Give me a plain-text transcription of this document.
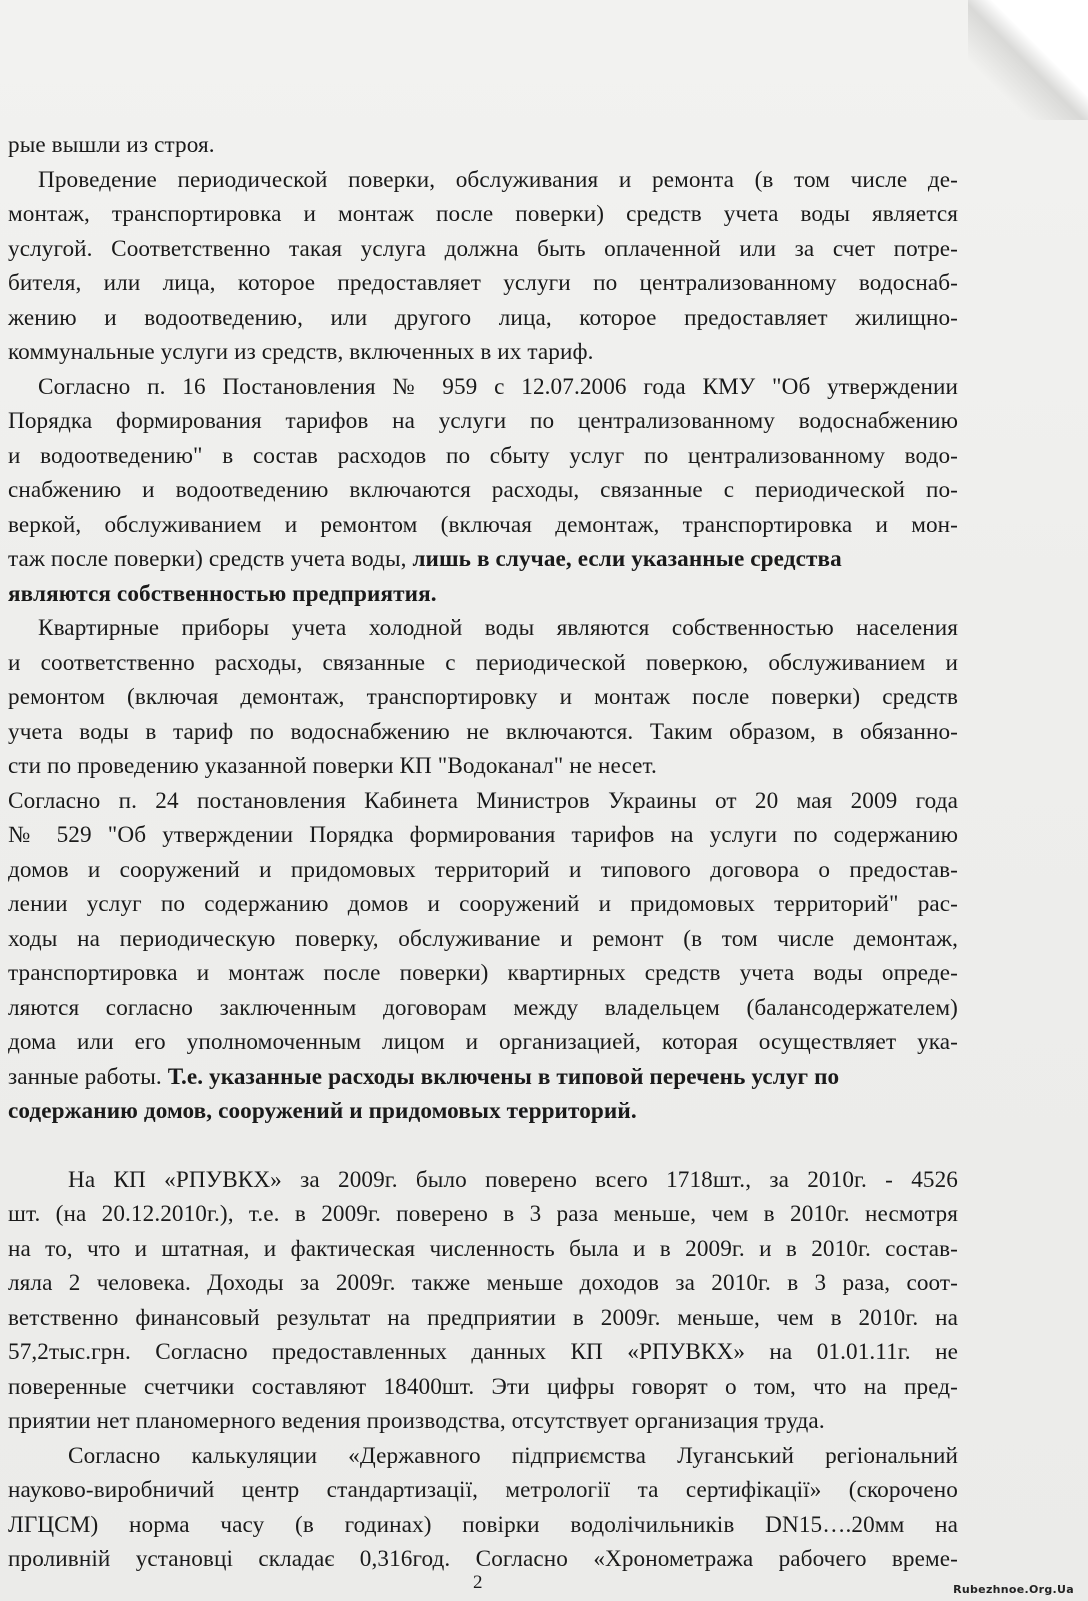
рые вышли из строя.
Проведение периодической поверки, обслуживания и ремонта (в том числе де-
монтаж, транспортировка и монтаж после поверки) средств учета воды является
услугой. Соответственно такая услуга должна быть оплаченной или за счет потре-
бителя, или лица, которое предоставляет услуги по централизованному водоснаб-
жению и водоотведению, или другого лица, которое предоставляет жилищно-
коммунальные услуги из средств, включенных в их тариф.
Согласно п. 16 Постановления № 959 с 12.07.2006 года КМУ "Об утверждении
Порядка формирования тарифов на услуги по централизованному водоснабжению
и водоотведению" в состав расходов по сбыту услуг по централизованному водо-
снабжению и водоотведению включаются расходы, связанные с периодической по-
веркой, обслуживанием и ремонтом (включая демонтаж, транспортировка и мон-
таж после поверки) средств учета воды, лишь в случае, если указанные средства
являются собственностью предприятия.
Квартирные приборы учета холодной воды являются собственностью населения
и соответственно расходы, связанные с периодической поверкою, обслуживанием и
ремонтом (включая демонтаж, транспортировку и монтаж после поверки) средств
учета воды в тариф по водоснабжению не включаются. Таким образом, в обязанно-
сти по проведению указанной поверки КП "Водоканал" не несет.
Согласно п. 24 постановления Кабинета Министров Украины от 20 мая 2009 года
№ 529 "Об утверждении Порядка формирования тарифов на услуги по содержанию
домов и сооружений и придомовых территорий и типового договора о предостав-
лении услуг по содержанию домов и сооружений и придомовых территорий" рас-
ходы на периодическую поверку, обслуживание и ремонт (в том числе демонтаж,
транспортировка и монтаж после поверки) квартирных средств учета воды опреде-
ляются согласно заключенным договорам между владельцем (балансодержателем)
дома или его уполномоченным лицом и организацией, которая осуществляет ука-
занные работы. Т.е. указанные расходы включены в типовой перечень услуг по
содержанию домов, сооружений и придомовых территорий.
На КП «РПУВКХ» за 2009г. было поверено всего 1718шт., за 2010г. - 4526
шт. (на 20.12.2010г.), т.е. в 2009г. поверено в 3 раза меньше, чем в 2010г. несмотря
на то, что и штатная, и фактическая численность была и в 2009г. и в 2010г. состав-
ляла 2 человека. Доходы за 2009г. также меньше доходов за 2010г. в 3 раза, соот-
ветственно финансовый результат на предприятии в 2009г. меньше, чем в 2010г. на
57,2тыс.грн. Согласно предоставленных данных КП «РПУВКХ» на 01.01.11г. не
поверенные счетчики составляют 18400шт. Эти цифры говорят о том, что на пред-
приятии нет планомерного ведения производства, отсутствует организация труда.
Согласно калькуляции «Державного підприємства Луганський регіональний
науково-виробничий центр стандартизації, метрології та сертифікації» (скорочено
ЛГЦСМ) норма часу (в годинах) повірки водолічильників DN15….20мм на
проливній установці складає 0,316год. Согласно «Хронометража рабочего време-
2	Rubezhnoe.Org.Ua
